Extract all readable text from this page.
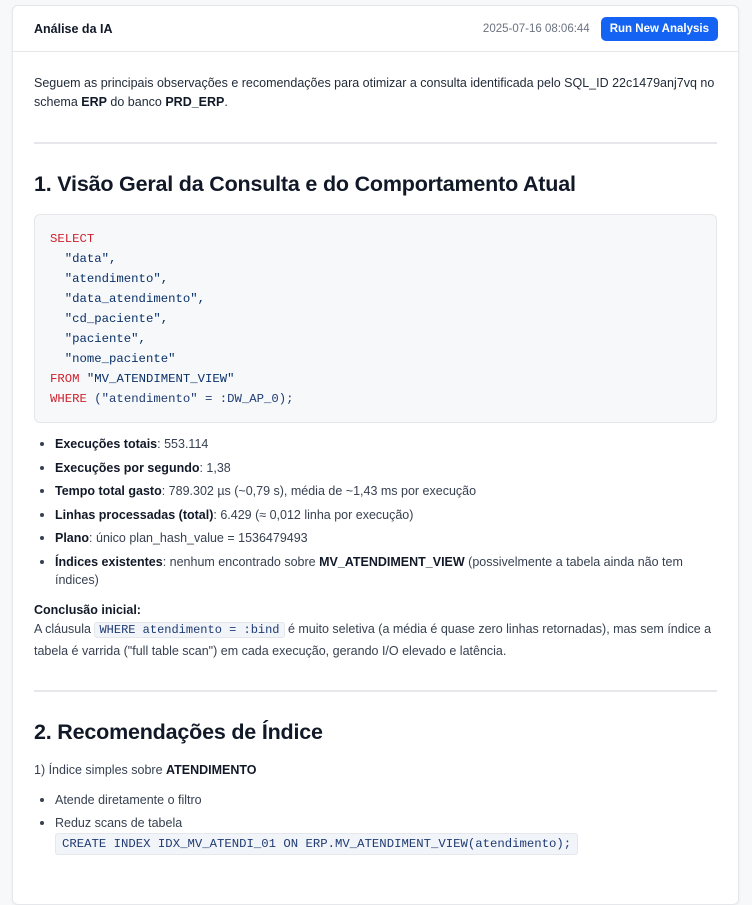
Análise da IA	2025-07-16 08:06:44	Run New Analysis

Seguem as principais observações e recomendações para otimizar a consulta identificada pelo SQL_ID 22c1479anj7vq no schema ERP do banco PRD_ERP.

1. Visão Geral da Consulta e do Comportamento Atual
SELECT
"data",
"atendimento",
"data_atendimento",
"cd_paciente",
"paciente",
"nome_paciente"
FROM "MV_ATENDIMENT_VIEW"
WHERE ("atendimento" = :DW_AP_0);
Execuções totais: 553.114
Execuções por segundo: 1,38
Tempo total gasto: 789.302 µs (~0,79 s), média de ~1,43 ms por execução
Linhas processadas (total): 6.429 (≈ 0,012 linha por execução)
Plano: único plan_hash_value = 1536479493
Índices existentes: nenhum encontrado sobre MV_ATENDIMENT_VIEW (possivelmente a tabela ainda não tem índices)
Conclusão inicial:

A cláusula WHERE atendimento = :bind é muito seletiva (a média é quase zero linhas retornadas), mas sem índice a tabela é varrida ("full table scan") em cada execução, gerando I/O elevado e latência.

2. Recomendações de Índice

1) Índice simples sobre ATENDIMENTO

Atende diretamente o filtro
Reduz scans de tabela
CREATE INDEX IDX_MV_ATENDI_01 ON ERP.MV_ATENDIMENT_VIEW(atendimento);
